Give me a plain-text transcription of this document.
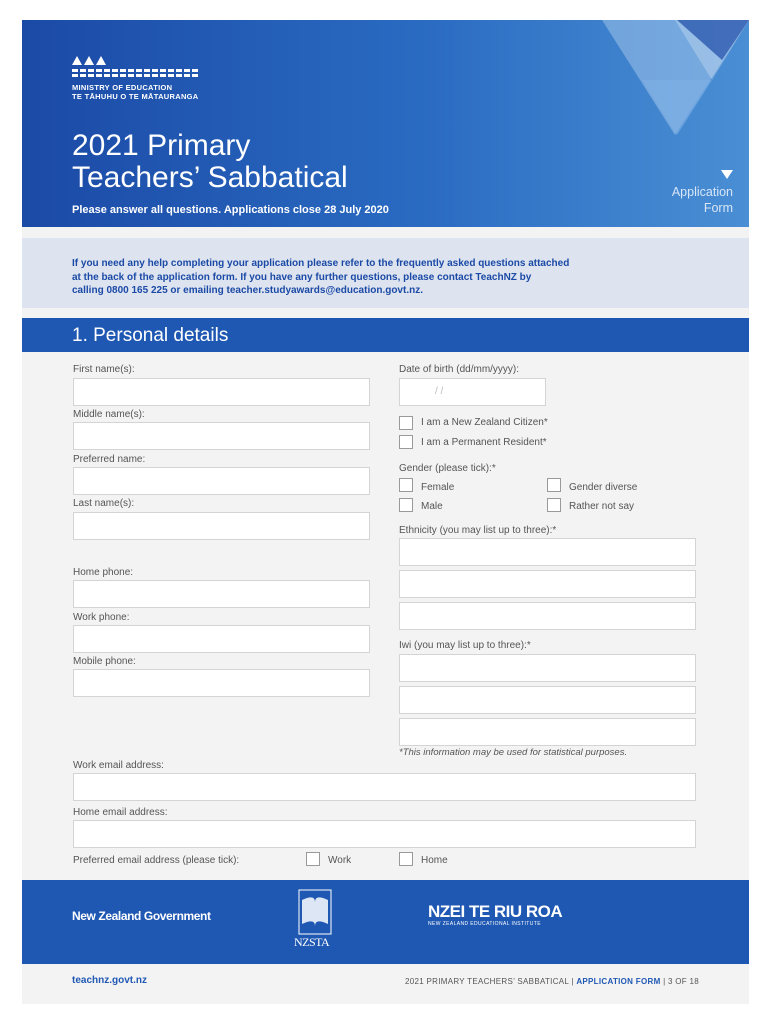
MINISTRY OF EDUCATION
TE TĀHUHU O TE MĀTAURANGA
2021 Primary
Teachers’ Sabbatical
Please answer all questions. Applications close 28 July 2020
Application
Form
If you need any help completing your application please refer to the frequently asked questions attached
at the back of the application form. If you have any further questions, please contact TeachNZ by
calling 0800 165 225 or emailing teacher.studyawards@education.govt.nz.
1. Personal details
First name(s):
Middle name(s):
Preferred name:
Last name(s):
Home phone:
Work phone:
Mobile phone:
Date of birth (dd/mm/yyyy):
/ /
I am a New Zealand Citizen*
I am a Permanent Resident*
Gender (please tick):*
Female	Gender diverse
Male	Rather not say
Ethnicity (you may list up to three):*
Iwi (you may list up to three):*
*This information may be used for statistical purposes.
Work email address:
Home email address:
Preferred email address (please tick):	Work	Home
New Zealand Government
NZSTA
NZEI TE RIU ROA
NEW ZEALAND EDUCATIONAL INSTITUTE
teachnz.govt.nz	2021 PRIMARY TEACHERS’ SABBATICAL | APPLICATION FORM | 3 OF 18
